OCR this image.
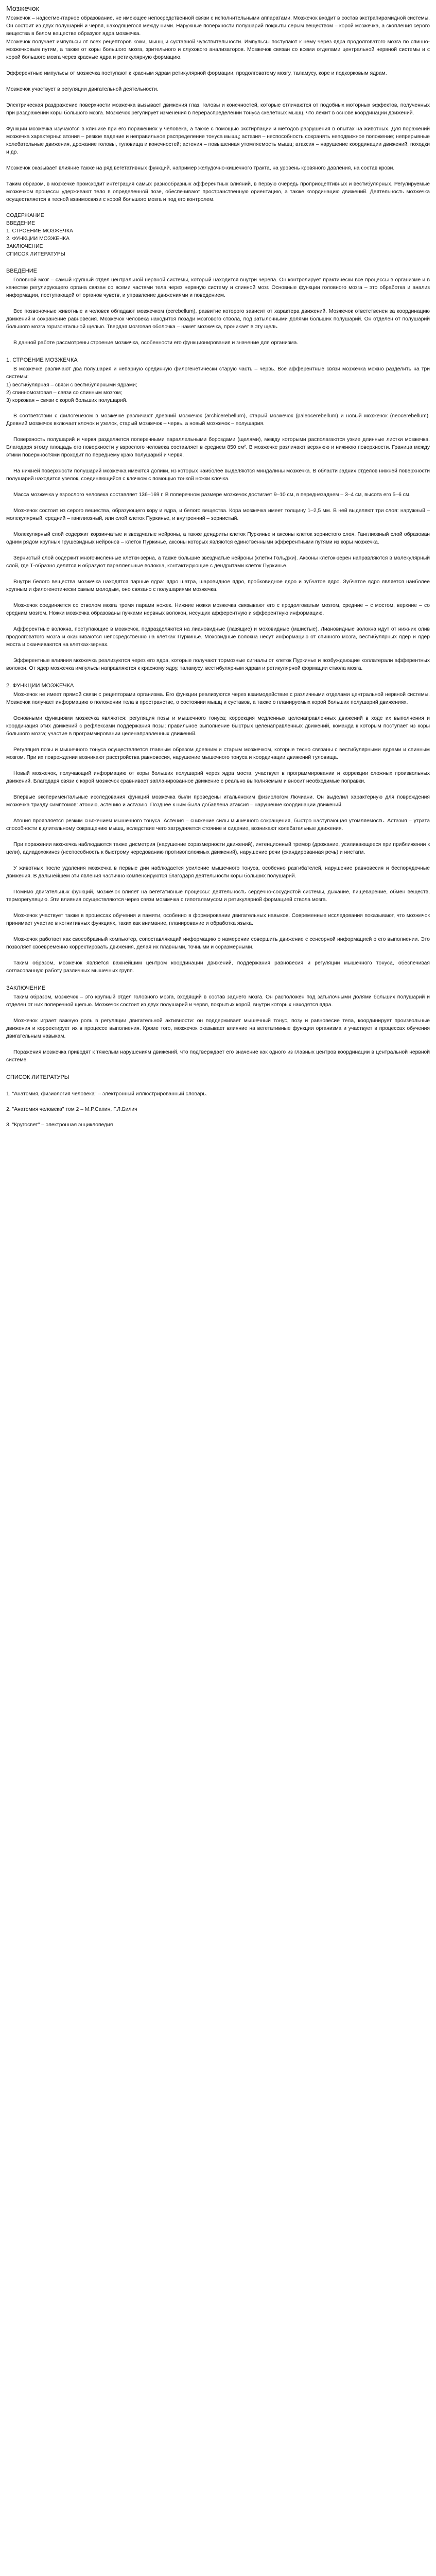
Мозжечок

Мозжечок – надсегментарное образование, не имеющее непосредственной связи с исполнительными аппаратами. Мозжечок входит в состав экстрапирамидной системы. Он состоит из двух полушарий и червя, находящегося между ними. Наружные поверхности полушарий покрыты серым веществом – корой мозжечка, а скопления серого вещества в белом веществе образуют ядра мозжечка.

Мозжечок получает импульсы от всех рецепторов кожи, мышц и суставной чувствительности. Импульсы поступают к нему через ядра продолговатого мозга по спинно-мозжечковым путям, а также от коры большого мозга, зрительного и слухового анализаторов. Мозжечок связан со всеми отделами центральной нервной системы и с корой большого мозга через красные ядра и ретикулярную формацию.

Эфферентные импульсы от мозжечка поступают к красным ядрам ретикулярной формации, продолговатому мозгу, таламусу, коре и подкорковым ядрам.

Мозжечок участвует в регуляции двигательной деятельности.

Электрическая раздражение поверхности мозжечка вызывает движения глаз, головы и конечностей, которые отличаются от подобных моторных эффектов, полученных при раздражении коры большого мозга. Мозжечок регулирует изменения в перераспределении тонуса скелетных мышц, что лежит в основе координации движений.

Функции мозжечка изучаются в клинике при его поражениях у человека, а также с помощью экстирпации и методов разрушения в опытах на животных. Для поражений мозжечка характерны: атония – резкое падение и неправильное распределение тонуса мышц; астазия – неспособность сохранять неподвижное положение; непрерывные колебательные движения, дрожание головы, туловища и конечностей; астения – повышенная утомляемость мышц; атаксия – нарушение координации движений, походки и др.

Мозжечок оказывает влияние также на ряд вегетативных функций, например желудочно-кишечного тракта, на уровень кровяного давления, на состав крови.

Таким образом, в мозжечке происходит интеграция самых разнообразных афферентных влияний, в первую очередь проприоцептивных и вестибулярных. Регулируемые мозжечком процессы удерживают тело в определенной позе, обеспечивают пространственную ориентацию, а также координацию движений. Деятельность мозжечка осуществляется в тесной взаимосвязи с корой большого мозга и под его контролем.

СОДЕРЖАНИЕ

ВВЕДЕНИЕ

1. СТРОЕНИЕ МОЗЖЕЧКА

2. ФУНКЦИИ МОЗЖЕЧКА

ЗАКЛЮЧЕНИЕ

СПИСОК ЛИТЕРАТУРЫ

ВВЕДЕНИЕ

Головной мозг – самый крупный отдел центральной нервной системы, который находится внутри черепа. Он контролирует практически все процессы в организме и в качестве регулирующего органа связан со всеми частями тела через нервную систему и спинной мозг. Основные функции головного мозга – это обработка и анализ информации, поступающей от органов чувств, и управление движениями и поведением.

Все позвоночные животные и человек обладают мозжечком (cerebellum), развитие которого зависит от характера движений. Мозжечок ответственен за координацию движений и сохранение равновесия. Мозжечок человека находится позади мозгового ствола, под затылочными долями больших полушарий. Он отделен от полушарий большого мозга горизонтальной щелью. Твердая мозговая оболочка – намет мозжечка, проникает в эту щель.

В данной работе рассмотрены строение мозжечка, особенности его функционирования и значение для организма.

1. СТРОЕНИЕ МОЗЖЕЧКА

В мозжечке различают два полушария и непарную срединную филогенетически старую часть – червь. Все афферентные связи мозжечка можно разделить на три системы:

1) вестибулярная – связи с вестибулярными ядрами;

2) спинномозговая – связи со спинным мозгом;

3) корковая – связи с корой больших полушарий.

В соответствии с филогенезом в мозжечке различают древний мозжечок (archicerebellum), старый мозжечок (paleocerebellum) и новый мозжечок (neocerebellum). Древний мозжечок включает клочок и узелок, старый мозжечок – червь, а новый мозжечок – полушария.

Поверхность полушарий и червя разделяется поперечными параллельными бороздами (щелями), между которыми располагаются узкие длинные листки мозжечка. Благодаря этому площадь его поверхности у взрослого человека составляет в среднем 850 см². В мозжечке различают верхнюю и нижнюю поверхности. Граница между этими поверхностями проходит по переднему краю полушарий и червя.

На нижней поверхности полушарий мозжечка имеются долики, из которых наиболее выделяются миндалины мозжечка. В области задних отделов нижней поверхности полушарий находится узелок, соединяющийся с клочком с помощью тонкой ножки клочка.

Масса мозжечка у взрослого человека составляет 136–169 г. В поперечном размере мозжечок достигает 9–10 см, в переднезаднем – 3–4 см, высота его 5–6 см.

Мозжечок состоит из серого вещества, образующего кору и ядра, и белого вещества. Кора мозжечка имеет толщину 1–2,5 мм. В ней выделяют три слоя: наружный – молекулярный, средний – ганглиозный, или слой клеток Пуркинье, и внутренний – зернистый.

Молекулярный слой содержит корзинчатые и звездчатые нейроны, а также дендриты клеток Пуркинье и аксоны клеток зернистого слоя. Ганглиозный слой образован одним рядом крупных грушевидных нейронов – клеток Пуркинье, аксоны которых являются единственными эфферентными путями из коры мозжечка.

Зернистый слой содержит многочисленные клетки-зерна, а также большие звездчатые нейроны (клетки Гольджи). Аксоны клеток-зерен направляются в молекулярный слой, где Т-образно делятся и образуют параллельные волокна, контактирующие с дендритами клеток Пуркинье.

Внутри белого вещества мозжечка находятся парные ядра: ядро шатра, шаровидное ядро, пробковидное ядро и зубчатое ядро. Зубчатое ядро является наиболее крупным и филогенетически самым молодым, оно связано с полушариями мозжечка.

Мозжечок соединяется со стволом мозга тремя парами ножек. Нижние ножки мозжечка связывают его с продолговатым мозгом, средние – с мостом, верхние – со средним мозгом. Ножки мозжечка образованы пучками нервных волокон, несущих афферентную и эфферентную информацию.

Афферентные волокна, поступающие в мозжечок, подразделяются на лиановидные (лазящие) и моховидные (мшистые). Лиановидные волокна идут от нижних олив продолговатого мозга и оканчиваются непосредственно на клетках Пуркинье. Моховидные волокна несут информацию от спинного мозга, вестибулярных ядер и ядер моста и оканчиваются на клетках-зернах.

Эфферентные влияния мозжечка реализуются через его ядра, которые получают тормозные сигналы от клеток Пуркинье и возбуждающие коллатерали афферентных волокон. От ядер мозжечка импульсы направляются к красному ядру, таламусу, вестибулярным ядрам и ретикулярной формации ствола мозга.

2. ФУНКЦИИ МОЗЖЕЧКА

Мозжечок не имеет прямой связи с рецепторами организма. Его функции реализуются через взаимодействие с различными отделами центральной нервной системы. Мозжечок получает информацию о положении тела в пространстве, о состоянии мышц и суставов, а также о планируемых корой больших полушарий движениях.

Основными функциями мозжечка являются: регуляция позы и мышечного тонуса; коррекция медленных целенаправленных движений в ходе их выполнения и координация этих движений с рефлексами поддержания позы; правильное выполнение быстрых целенаправленных движений, команда к которым поступает из коры большого мозга; участие в программировании целенаправленных движений.

Регуляция позы и мышечного тонуса осуществляется главным образом древним и старым мозжечком, которые тесно связаны с вестибулярными ядрами и спинным мозгом. При их повреждении возникают расстройства равновесия, нарушение мышечного тонуса и координации движений туловища.

Новый мозжечок, получающий информацию от коры больших полушарий через ядра моста, участвует в программировании и коррекции сложных произвольных движений. Благодаря связи с корой мозжечок сравнивает запланированное движение с реально выполняемым и вносит необходимые поправки.

Впервые экспериментальные исследования функций мозжечка были проведены итальянским физиологом Лючиани. Он выделил характерную для повреждения мозжечка триаду симптомов: атонию, астению и астазию. Позднее к ним была добавлена атаксия – нарушение координации движений.

Атония проявляется резким снижением мышечного тонуса. Астения – снижение силы мышечного сокращения, быстро наступающая утомляемость. Астазия – утрата способности к длительному сокращению мышц, вследствие чего затрудняется стояние и сидение, возникают колебательные движения.

При поражении мозжечка наблюдаются также дисметрия (нарушение соразмерности движений), интенционный тремор (дрожание, усиливающееся при приближении к цели), адиадохокинез (неспособность к быстрому чередованию противоположных движений), нарушение речи (скандированная речь) и нистагм.

У животных после удаления мозжечка в первые дни наблюдается усиление мышечного тонуса, особенно разгибателей, нарушение равновесия и беспорядочные движения. В дальнейшем эти явления частично компенсируются благодаря деятельности коры больших полушарий.

Помимо двигательных функций, мозжечок влияет на вегетативные процессы: деятельность сердечно-сосудистой системы, дыхание, пищеварение, обмен веществ, терморегуляцию. Эти влияния осуществляются через связи мозжечка с гипоталамусом и ретикулярной формацией ствола мозга.

Мозжечок участвует также в процессах обучения и памяти, особенно в формировании двигательных навыков. Современные исследования показывают, что мозжечок принимает участие в когнитивных функциях, таких как внимание, планирование и обработка языка.

Мозжечок работает как своеобразный компьютер, сопоставляющий информацию о намерении совершить движение с сенсорной информацией о его выполнении. Это позволяет своевременно корректировать движения, делая их плавными, точными и соразмерными.

Таким образом, мозжечок является важнейшим центром координации движений, поддержания равновесия и регуляции мышечного тонуса, обеспечивая согласованную работу различных мышечных групп.

ЗАКЛЮЧЕНИЕ

Таким образом, мозжечок – это крупный отдел головного мозга, входящий в состав заднего мозга. Он расположен под затылочными долями больших полушарий и отделен от них поперечной щелью. Мозжечок состоит из двух полушарий и червя, покрытых корой, внутри которых находятся ядра.

Мозжечок играет важную роль в регуляции двигательной активности: он поддерживает мышечный тонус, позу и равновесие тела, координирует произвольные движения и корректирует их в процессе выполнения. Кроме того, мозжечок оказывает влияние на вегетативные функции организма и участвует в процессах обучения двигательным навыкам.

Поражения мозжечка приводят к тяжелым нарушениям движений, что подтверждает его значение как одного из главных центров координации в центральной нервной системе.

СПИСОК ЛИТЕРАТУРЫ

1. "Анатомия, физиология человека" – электронный иллюстрированный словарь.

2. "Анатомия человека" том 2 – М.Р.Сапин, Г.Л.Билич

3. "Кругосвет" – электронная энциклопедия
